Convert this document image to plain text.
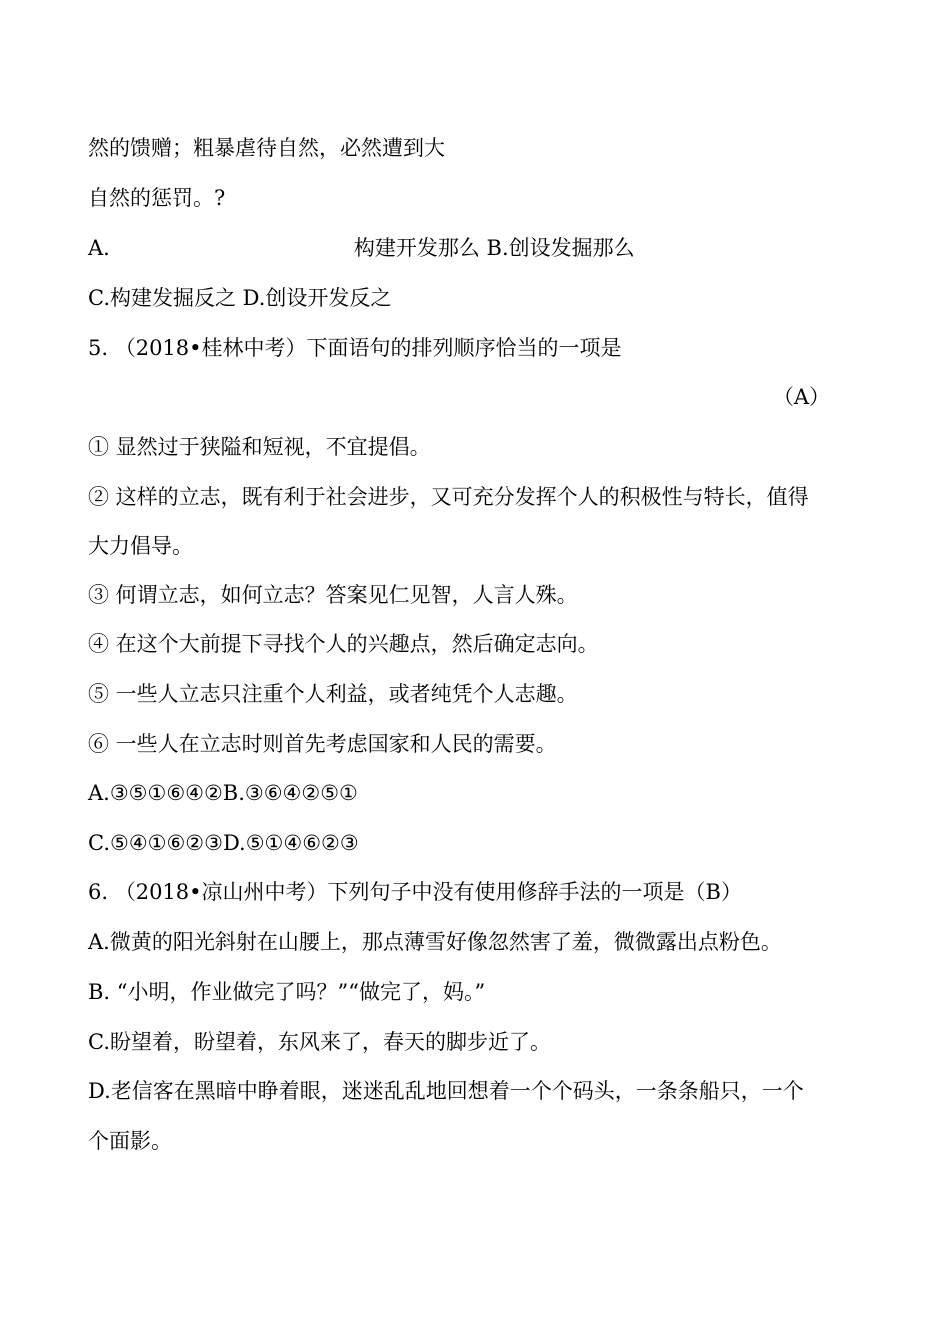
然的馈赠；粗暴虐待自然，必然遭到大
自然的惩罚。?
A.	构建开发那么 B.创设发掘那么
C.构建发掘反之 D.创设开发反之
5. （2018•桂林中考）下面语句的排列顺序恰当的一项是
（A）
① 显然过于狭隘和短视，不宜提倡。
② 这样的立志，既有利于社会进步，又可充分发挥个人的积极性与特长，值得
大力倡导。
③ 何谓立志，如何立志？答案见仁见智，人言人殊。
④ 在这个大前提下寻找个人的兴趣点，然后确定志向。
⑤ 一些人立志只注重个人利益，或者纯凭个人志趣。
⑥ 一些人在立志时则首先考虑国家和人民的需要。
A.③⑤①⑥④②B.③⑥④②⑤①
C.⑤④①⑥②③D.⑤①④⑥②③
6. （2018•凉山州中考）下列句子中没有使用修辞手法的一项是（B）
A.微黄的阳光斜射在山腰上，那点薄雪好像忽然害了羞，微微露出点粉色。
B. “小明，作业做完了吗？”“做完了，妈。”
C.盼望着，盼望着，东风来了，春天的脚步近了。
D.老信客在黑暗中睁着眼，迷迷乱乱地回想着一个个码头，一条条船只，一个
个面影。
